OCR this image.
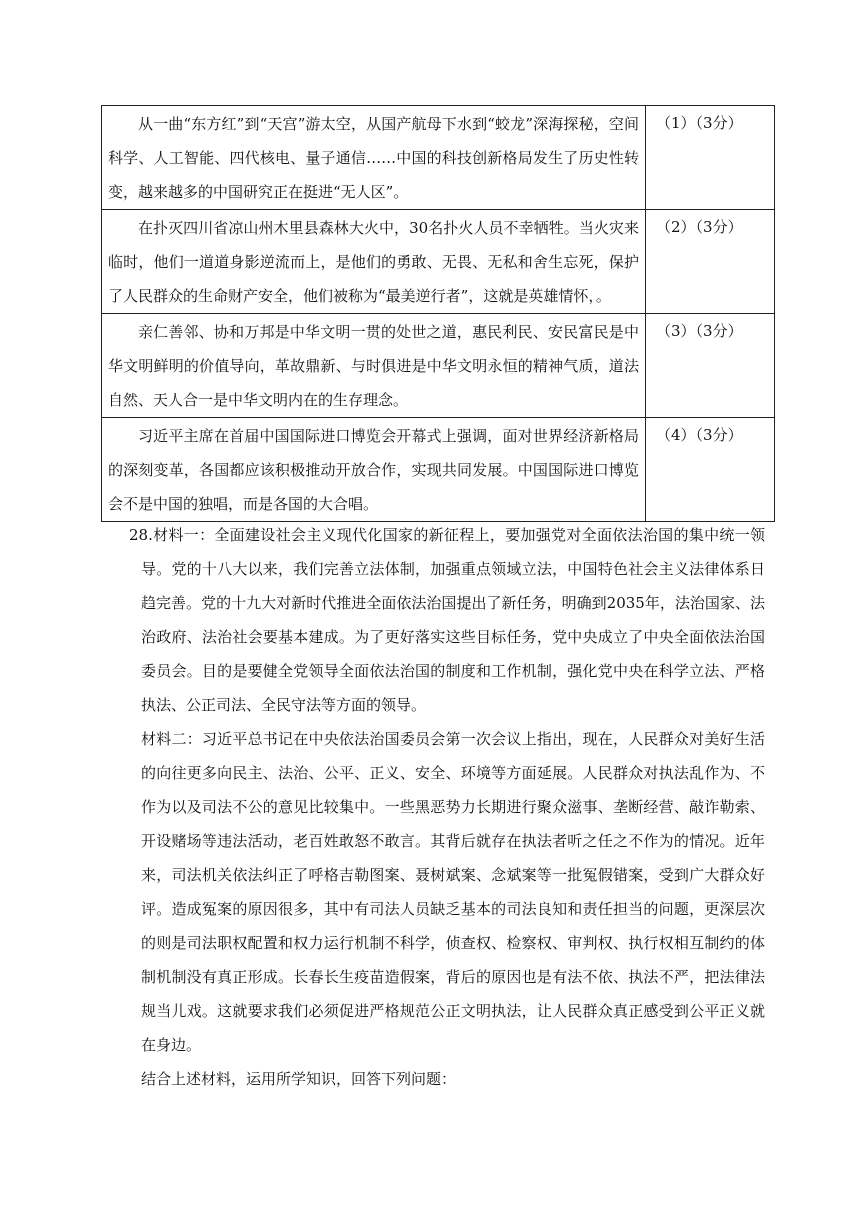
从一曲“东方红”到“天宫”游太空，从国产航母下水到“蛟龙”深海探秘，空间科学、人工智能、四代核电、量子通信……中国的科技创新格局发生了历史性转变，越来越多的中国研究正在挺进“无人区”。	（1）（3分）
在扑灭四川省凉山州木里县森林大火中，30名扑火人员不幸牺牲。当火灾来临时，他们一道道身影逆流而上，是他们的勇敢、无畏、无私和舍生忘死，保护了人民群众的生命财产安全，他们被称为“最美逆行者”，这就是英雄情怀，。	（2）（3分）
亲仁善邻、协和万邦是中华文明一贯的处世之道，惠民利民、安民富民是中华文明鲜明的价值导向，革故鼎新、与时俱进是中华文明永恒的精神气质，道法自然、天人合一是中华文明内在的生存理念。	（3）（3分）
习近平主席在首届中国国际进口博览会开幕式上强调，面对世界经济新格局的深刻变革，各国都应该积极推动开放合作，实现共同发展。中国国际进口博览会不是中国的独唱，而是各国的大合唱。	（4）（3分）

28.材料一：全面建设社会主义现代化国家的新征程上，要加强党对全面依法治国的集中统一领导。党的十八大以来，我们完善立法体制，加强重点领域立法，中国特色社会主义法律体系日趋完善。党的十九大对新时代推进全面依法治国提出了新任务，明确到2035年，法治国家、法治政府、法治社会要基本建成。为了更好落实这些目标任务，党中央成立了中央全面依法治国委员会。目的是要健全党领导全面依法治国的制度和工作机制，强化党中央在科学立法、严格执法、公正司法、全民守法等方面的领导。

材料二：习近平总书记在中央依法治国委员会第一次会议上指出，现在，人民群众对美好生活的向往更多向民主、法治、公平、正义、安全、环境等方面延展。人民群众对执法乱作为、不作为以及司法不公的意见比较集中。一些黑恶势力长期进行聚众滋事、垄断经营、敲诈勒索、开设赌场等违法活动，老百姓敢怒不敢言。其背后就存在执法者听之任之不作为的情况。近年来，司法机关依法纠正了呼格吉勒图案、聂树斌案、念斌案等一批冤假错案，受到广大群众好评。造成冤案的原因很多，其中有司法人员缺乏基本的司法良知和责任担当的问题，更深层次的则是司法职权配置和权力运行机制不科学，侦查权、检察权、审判权、执行权相互制约的体制机制没有真正形成。长春长生疫苗造假案，背后的原因也是有法不依、执法不严，把法律法规当儿戏。这就要求我们必须促进严格规范公正文明执法，让人民群众真正感受到公平正义就在身边。

结合上述材料，运用所学知识，回答下列问题：
